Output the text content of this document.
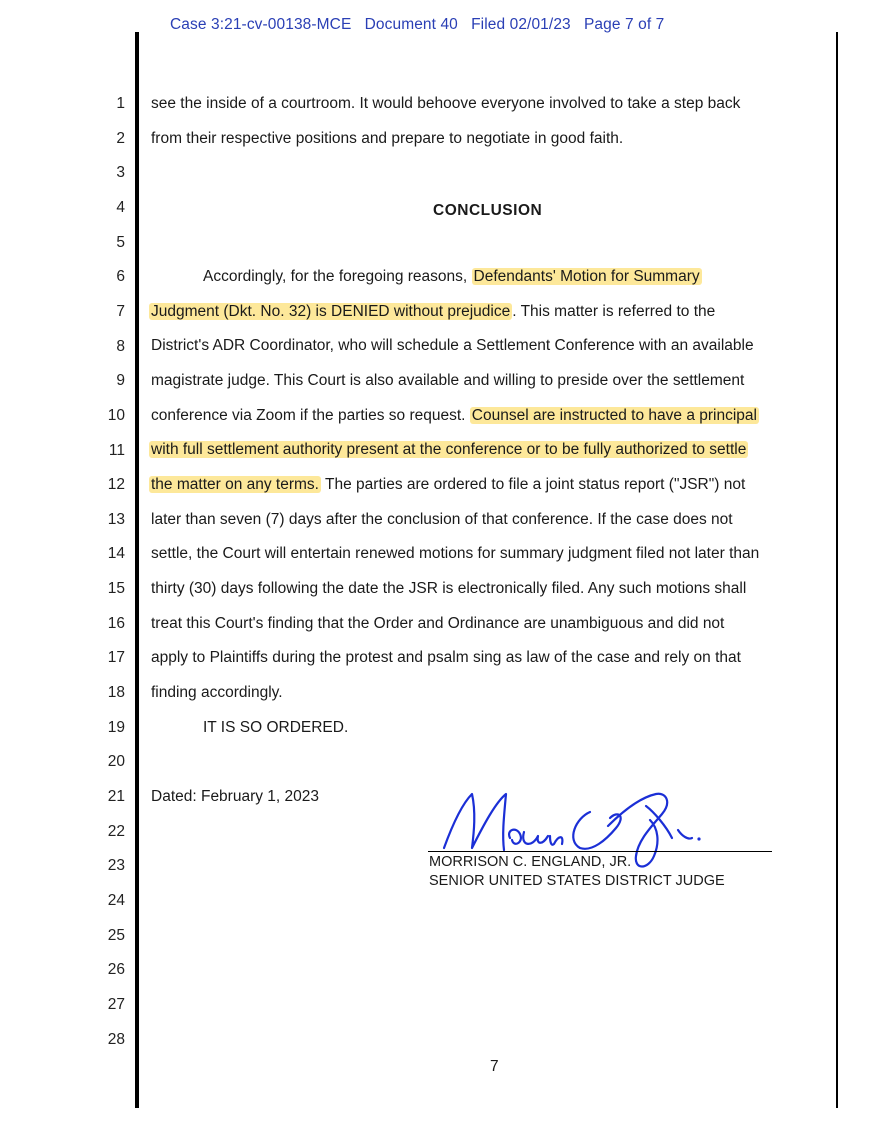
Case 3:21-cv-00138-MCE   Document 40   Filed 02/01/23   Page 7 of 7
1
2
3
4
5
6
7
8
9
10
11
12
13
14
15
16
17
18
19
20
21
22
23
24
25
26
27
28
see the inside of a courtroom. It would behoove everyone involved to take a step back
from their respective positions and prepare to negotiate in good faith.
CONCLUSION
Accordingly, for the foregoing reasons, Defendants' Motion for Summary
Judgment (Dkt. No. 32) is DENIED without prejudice . This matter is referred to the
District's ADR Coordinator, who will schedule a Settlement Conference with an available
magistrate judge. This Court is also available and willing to preside over the settlement
conference via Zoom if the parties so request. Counsel are instructed to have a principal
with full settlement authority present at the conference or to be fully authorized to settle
the matter on any terms. The parties are ordered to file a joint status report ("JSR") not
later than seven (7) days after the conclusion of that conference. If the case does not
settle, the Court will entertain renewed motions for summary judgment filed not later than
thirty (30) days following the date the JSR is electronically filed. Any such motions shall
treat this Court's finding that the Order and Ordinance are unambiguous and did not
apply to Plaintiffs during the protest and psalm sing as law of the case and rely on that
finding accordingly.
IT IS SO ORDERED.
Dated: February 1, 2023
MORRISON C. ENGLAND, JR.
SENIOR UNITED STATES DISTRICT JUDGE
7
